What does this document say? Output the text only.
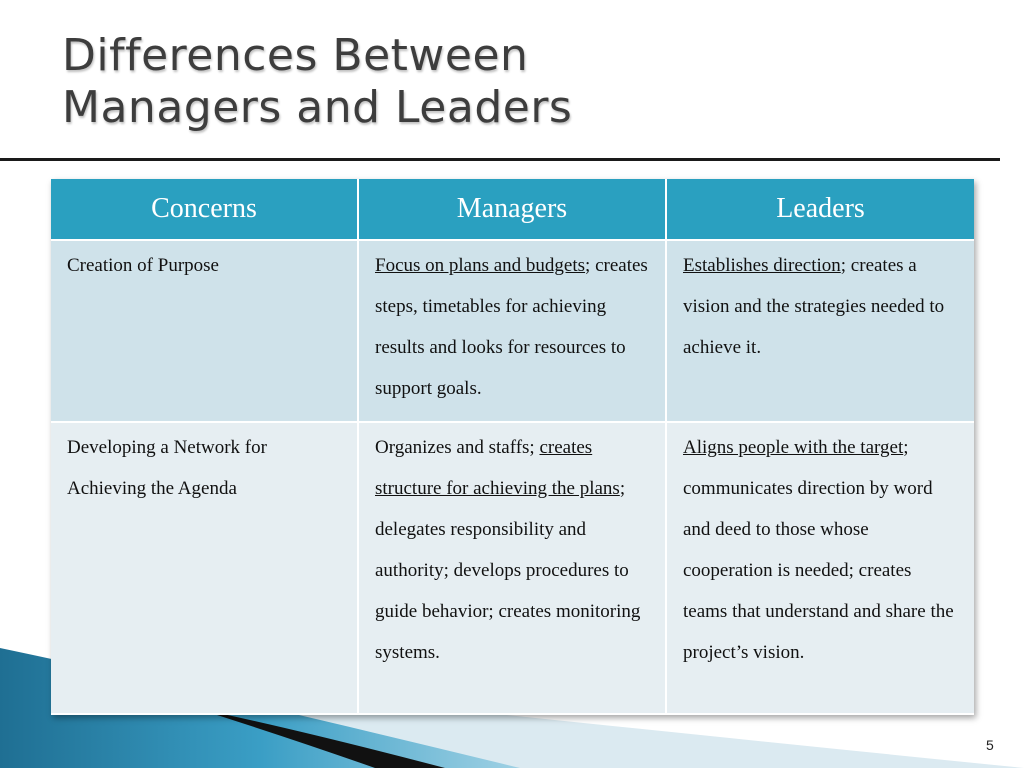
Differences Between
Managers and Leaders
Concerns	Managers	Leaders
Creation of Purpose	Focus on plans and budgets; creates steps, timetables for achieving results and looks for resources to support goals.	Establishes direction; creates a vision and the strategies needed to achieve it.
Developing a Network for Achieving the Agenda	Organizes and staffs; creates structure for achieving the plans; delegates responsibility and authority; develops procedures to guide behavior; creates monitoring systems.	Aligns people with the target; communicates direction by word and deed to those whose cooperation is needed; creates teams that understand and share the project’s vision.
5
